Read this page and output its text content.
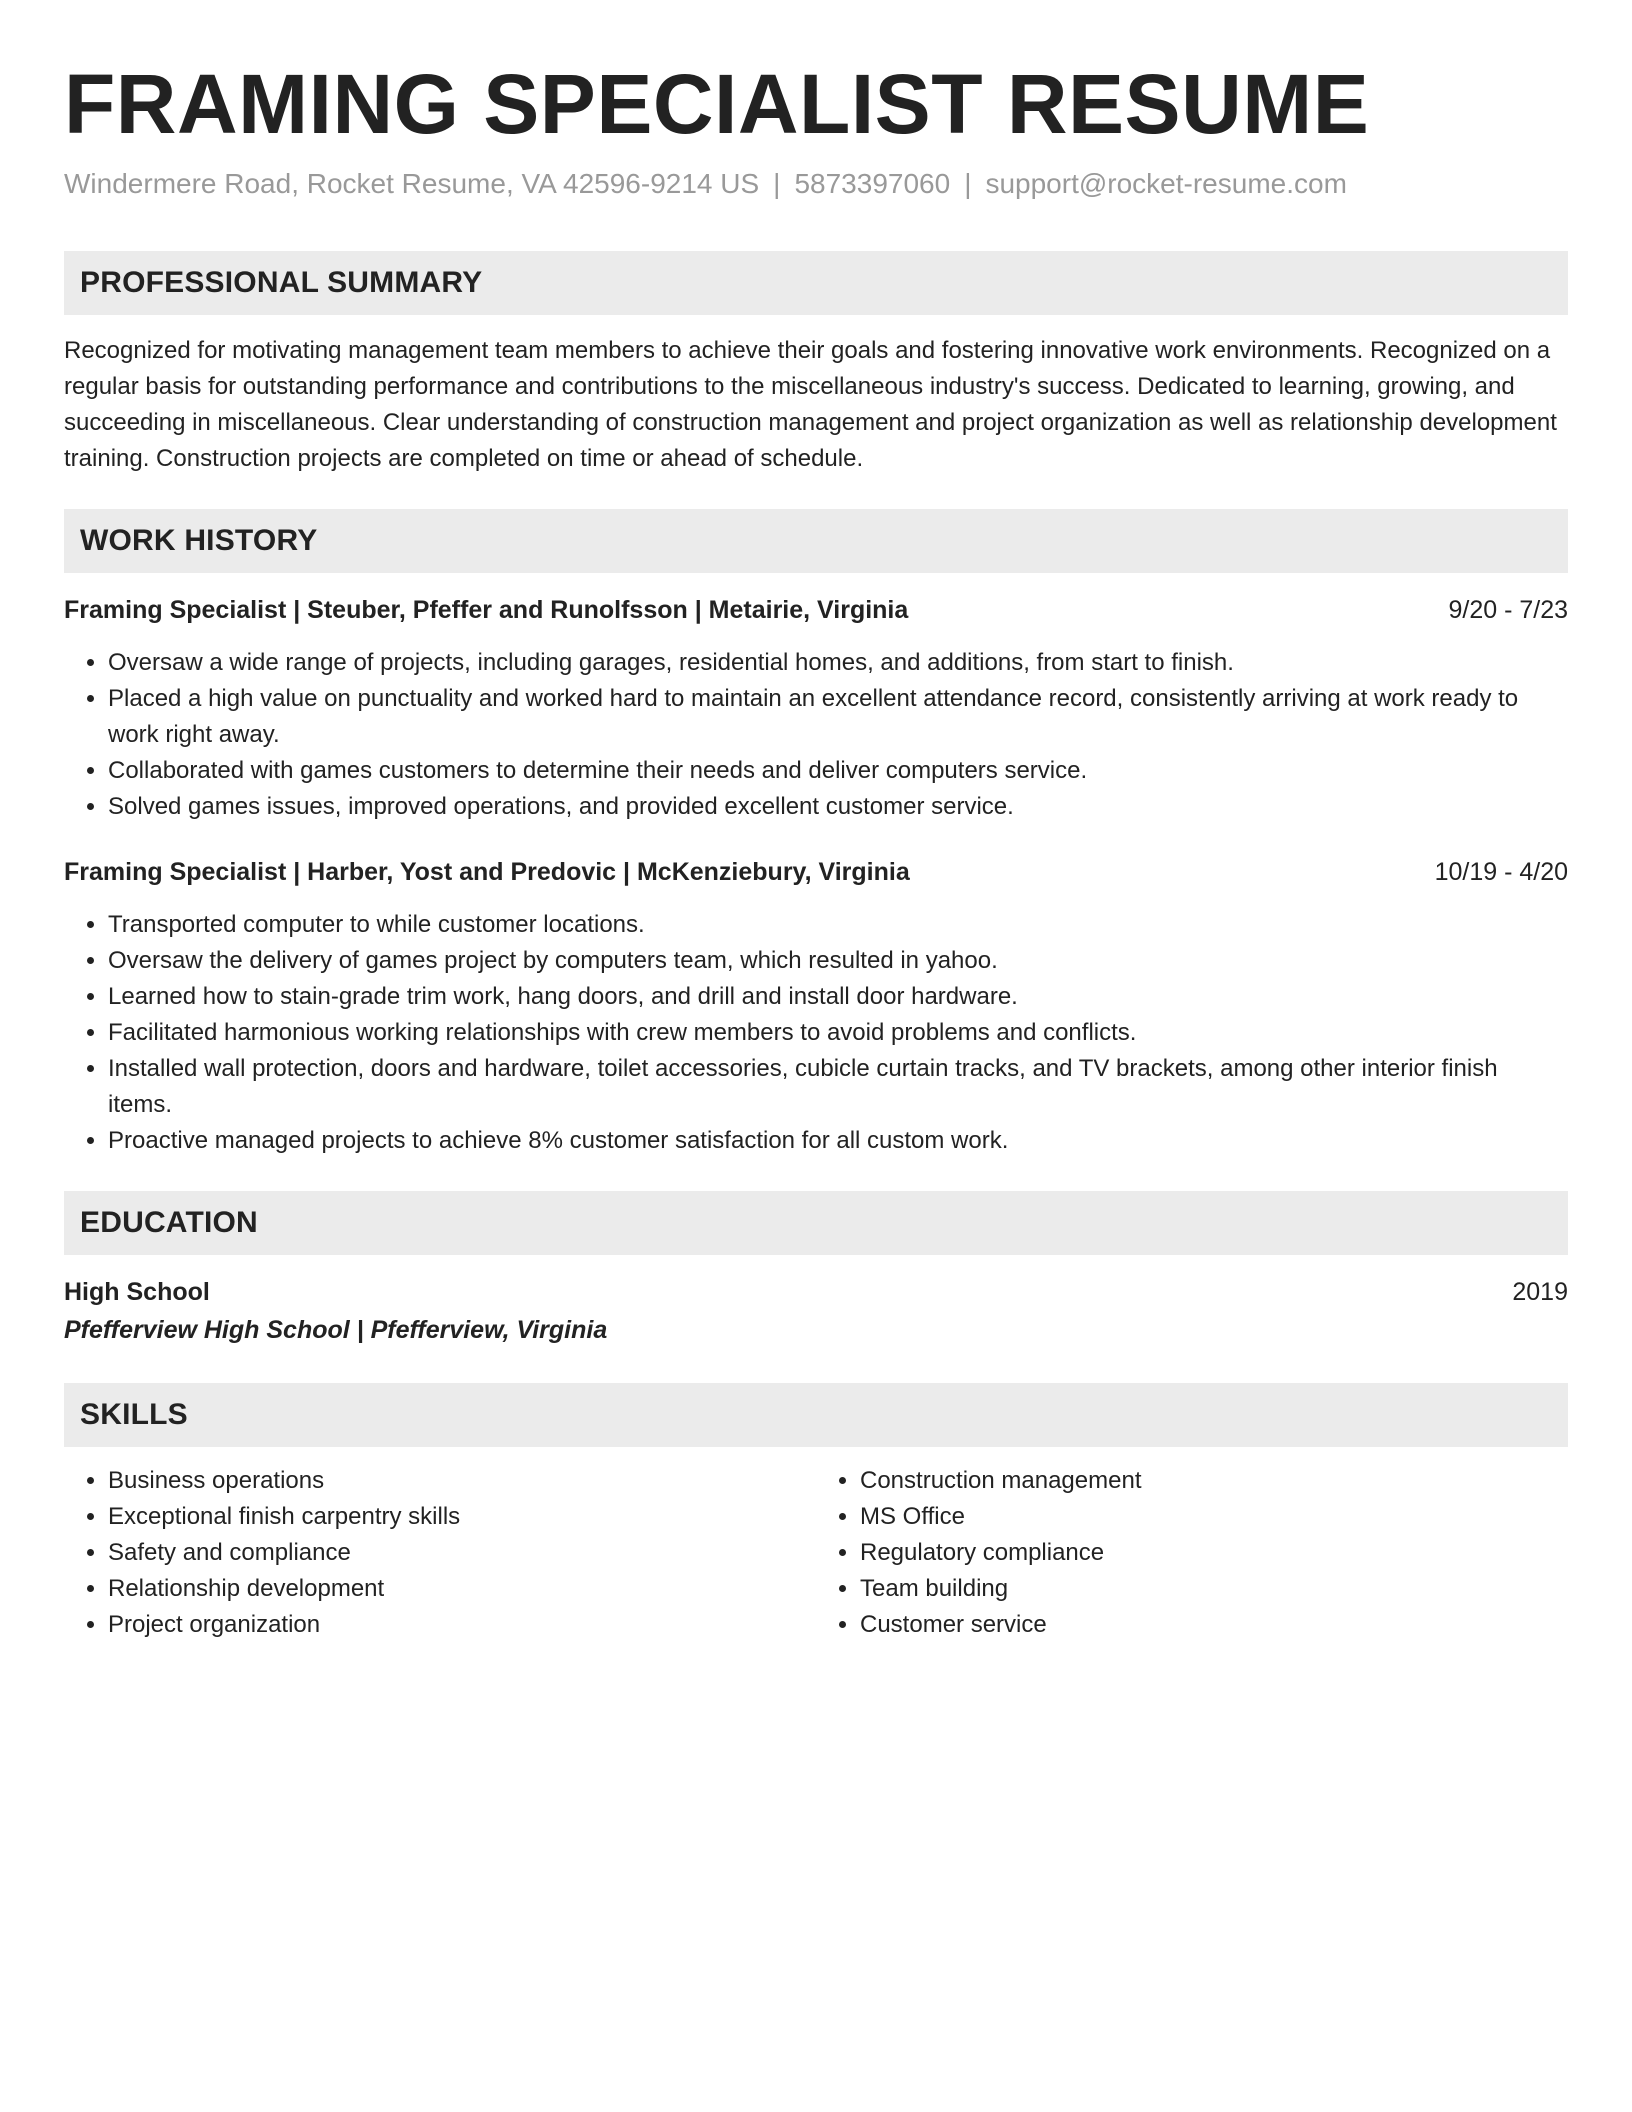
FRAMING SPECIALIST RESUME
Windermere Road, Rocket Resume, VA 42596-9214 US | 5873397060 | support@rocket-resume.com
PROFESSIONAL SUMMARY
Recognized for motivating management team members to achieve their goals and fostering innovative work environments. Recognized on a regular basis for outstanding performance and contributions to the miscellaneous industry's success. Dedicated to learning, growing, and succeeding in miscellaneous. Clear understanding of construction management and project organization as well as relationship development training. Construction projects are completed on time or ahead of schedule.
WORK HISTORY
Framing Specialist | Steuber, Pfeffer and Runolfsson | Metairie, Virginia	9/20 - 7/23
• Oversaw a wide range of projects, including garages, residential homes, and additions, from start to finish.
• Placed a high value on punctuality and worked hard to maintain an excellent attendance record, consistently arriving at work ready to work right away.
• Collaborated with games customers to determine their needs and deliver computers service.
• Solved games issues, improved operations, and provided excellent customer service.
Framing Specialist | Harber, Yost and Predovic | McKenziebury, Virginia	10/19 - 4/20
• Transported computer to while customer locations.
• Oversaw the delivery of games project by computers team, which resulted in yahoo.
• Learned how to stain-grade trim work, hang doors, and drill and install door hardware.
• Facilitated harmonious working relationships with crew members to avoid problems and conflicts.
• Installed wall protection, doors and hardware, toilet accessories, cubicle curtain tracks, and TV brackets, among other interior finish items.
• Proactive managed projects to achieve 8% customer satisfaction for all custom work.
EDUCATION
High School	2019
Pfefferview High School | Pfefferview, Virginia
SKILLS
• Business operations
• Exceptional finish carpentry skills
• Safety and compliance
• Relationship development
• Project organization
• Construction management
• MS Office
• Regulatory compliance
• Team building
• Customer service
